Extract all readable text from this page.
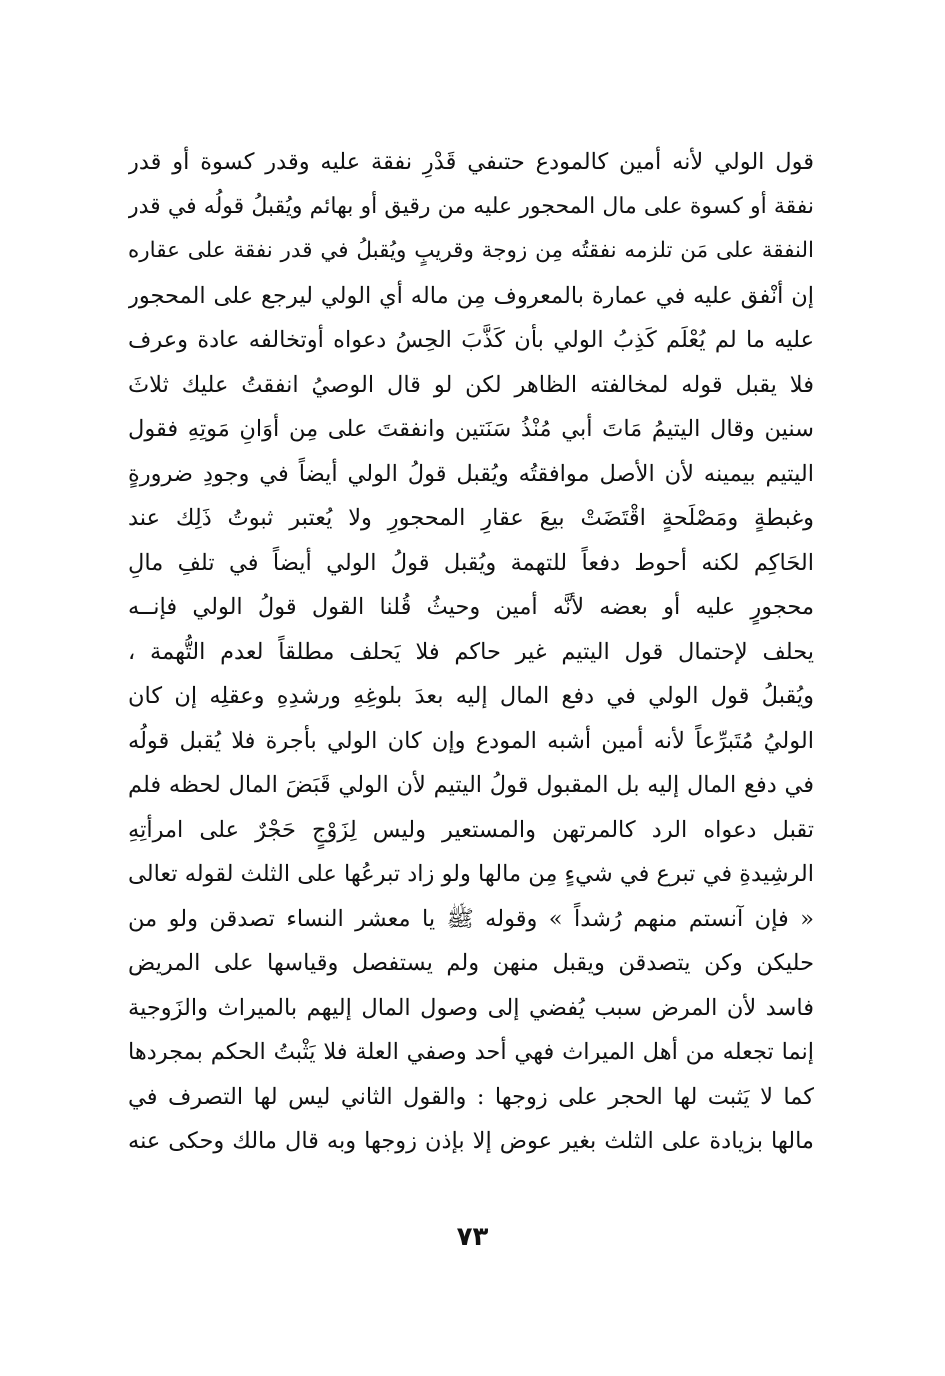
قول الولي لأنه أمين كالمودع حتىفي قَدْرِ نفقة عليه وقدر كسوة أو قدر
نفقة أو كسوة على مال المحجور عليه من رقيق أو بهائم ويُقبلُ قولُه في قدر
النفقة على مَن تلزمه نفقتُه مِن زوجة وقريبٍ ويُقبلُ في قدر نفقة على عقاره
إن أنْفق عليه في عمارة بالمعروف مِن ماله أي الولي ليرجع على المحجور
عليه ما لم يُعْلَم كَذِبُ الولي بأن كَذَّبَ الحِسُ دعواه أوتخالفه عادة وعرف
فلا يقبل قوله لمخالفته الظاهر لكن لو قال الوصيُ انفقتُ عليك ثلاثَ
سنين وقال اليتيمُ مَاتَ أبي مُنْذُ سَنَتين وانفقتَ على مِن أوَانِ مَوتِهِ فقول
اليتيم بيمينه لأن الأصل موافقتُه ويُقبل قولُ الولي أيضاً في وجودِ ضرورةٍ
وغبطةٍ ومَصْلَحةٍ اقْتَضَتْ بيعَ عقارِ المحجورِ ولا يُعتبر ثبوتُ ذَلِك عند
الحَاكِم لكنه أحوط دفعاً للتهمة ويُقبل قولُ الولي أيضاً في تلفِ مالِ
محجورٍ عليه أو بعضه لأنَّه أمين وحيثُ قُلنا القول قولُ الولي فإنــه
يحلف لإحتمال قول اليتيم غير حاكم فلا يَحلف مطلقاً لعدم التُّهمة ،
ويُقبلُ قول الولي في دفع المال إليه بعدَ بلوغِهِ ورشدِهِ وعقلِه إن كان
الوليُ مُتَبرِّعاً لأنه أمين أشبه المودع وإن كان الولي بأجرة فلا يُقبل قولُه
في دفع المال إليه بل المقبول قولُ اليتيم لأن الولي قَبَضَ المال لحظه فلم
تقبل دعواه الرد كالمرتهن والمستعير وليس لِزَوْجٍ حَجْرٌ على امرأتِهِ
الرشِيدةِ في تبرع في شيءٍ مِن مالها ولو زاد تبرعُها على الثلث لقوله تعالى
« فإن آنستم منهم رُشداً » وقوله ﷺ يا معشر النساء تصدقن ولو من
حليكن وكن يتصدقن ويقبل منهن ولم يستفصل وقياسها على المريض
فاسد لأن المرض سبب يُفضي إلى وصول المال إليهم بالميراث والزَوجية
إنما تجعله من أهل الميراث فهي أحد وصفي العلة فلا يَثْبتُ الحكم بمجردها
كما لا يَثبت لها الحجر على زوجها : والقول الثاني ليس لها التصرف في
مالها بزيادة على الثلث بغير عوض إلا بإذن زوجها وبه قال مالك وحكى عنه
٧٣
